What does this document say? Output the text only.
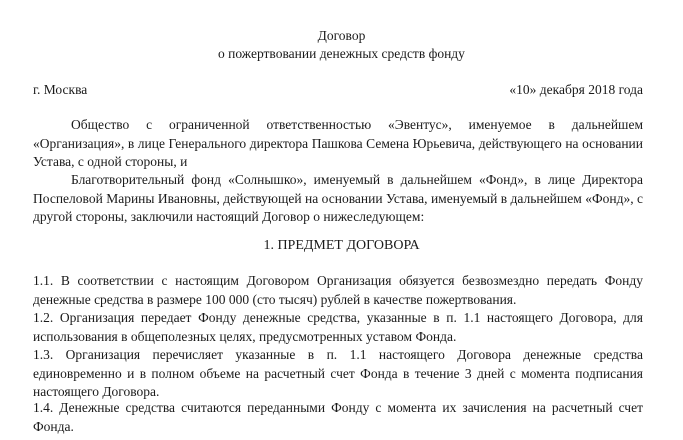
Договор
о пожертвовании денежных средств фонду
г. Москва	«10» декабря 2018 года
Общество с ограниченной ответственностью «Эвентус», именуемое в дальнейшем «Организация», в лице Генерального директора Пашкова Семена Юрьевича, действующего на основании Устава, с одной стороны, и
Благотворительный фонд «Солнышко», именуемый в дальнейшем «Фонд», в лице Директора Поспеловой Марины Ивановны, действующей на основании Устава, именуемый в дальнейшем «Фонд», с другой стороны, заключили настоящий Договор о нижеследующем:
1. ПРЕДМЕТ ДОГОВОРА
1.1. В соответствии с настоящим Договором Организация обязуется безвозмездно передать Фонду денежные средства в размере 100 000 (сто тысяч) рублей в качестве пожертвования.
1.2. Организация передает Фонду денежные средства, указанные в п. 1.1 настоящего Договора, для использования в общеполезных целях, предусмотренных уставом Фонда.
1.3. Организация перечисляет указанные в п. 1.1 настоящего Договора денежные средства единовременно и в полном объеме на расчетный счет Фонда в течение 3 дней с момента подписания настоящего Договора.
1.4. Денежные средства считаются переданными Фонду с момента их зачисления на расчетный счет Фонда.
